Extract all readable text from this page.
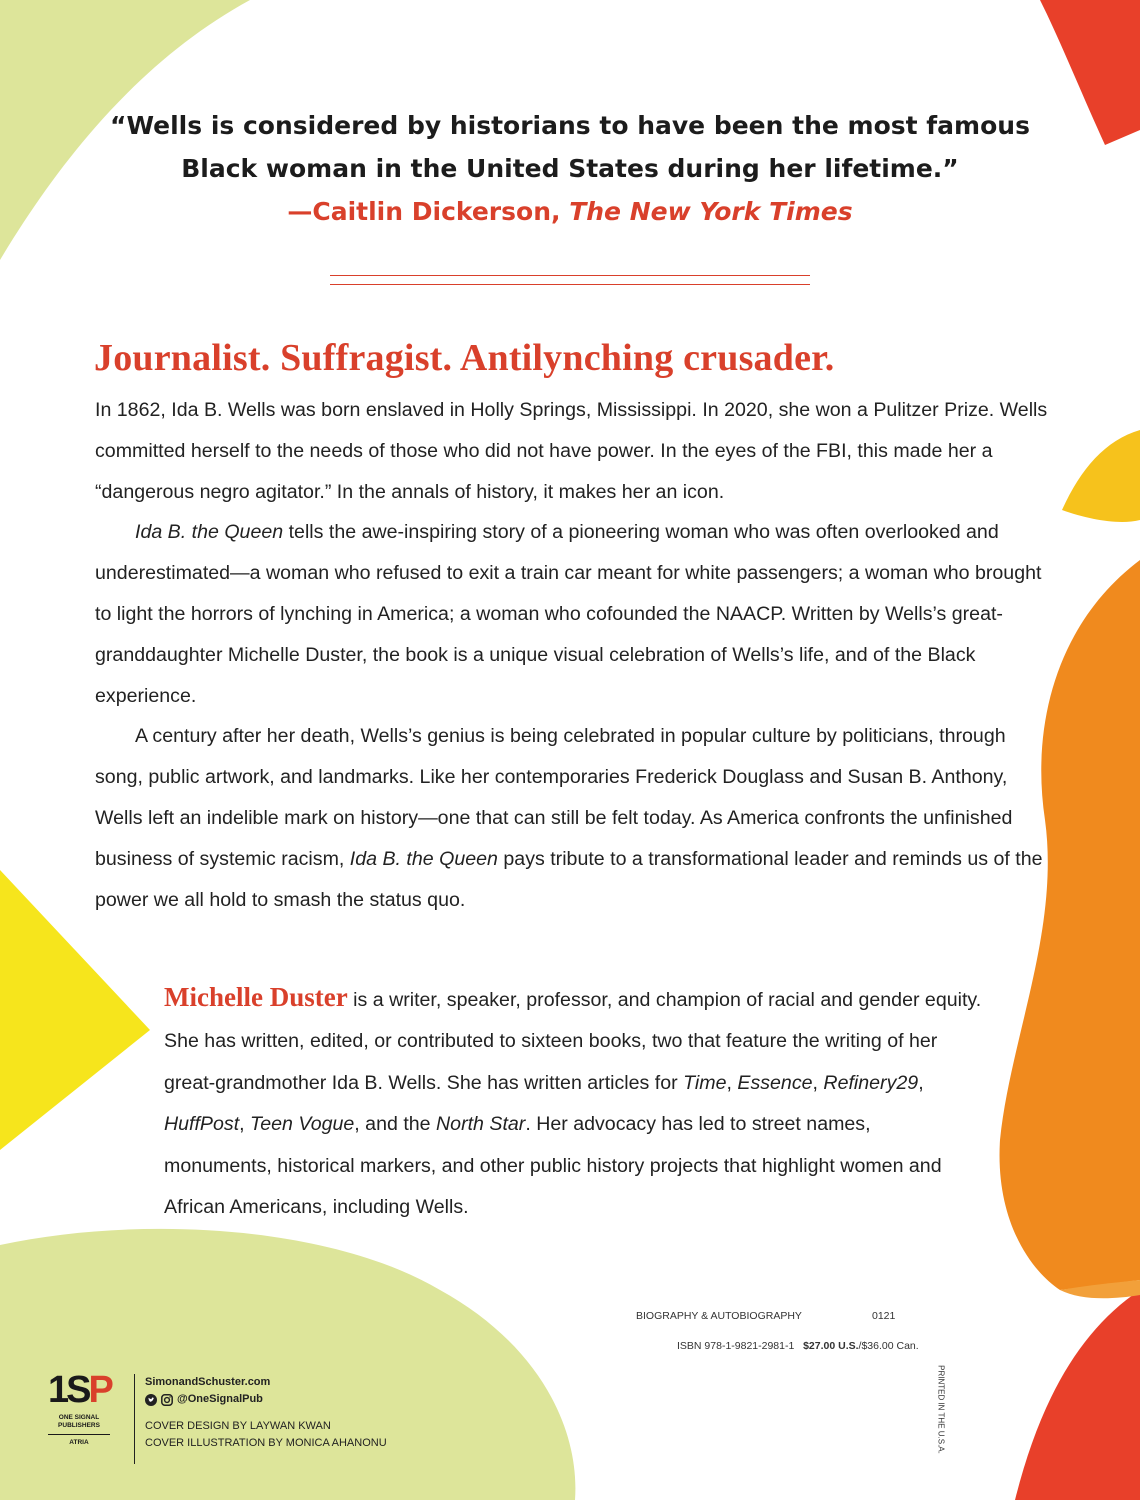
“Wells is considered by historians to have been the most famous
Black woman in the United States during her lifetime.”
—Caitlin Dickerson, The New York Times
Journalist. Suffragist. Antilynching crusader.

In 1862, Ida B. Wells was born enslaved in Holly Springs, Mississippi. In 2020, she won a Pulitzer Prize. Wells committed herself to the needs of those who did not have power. In the eyes of the FBI, this made her a “dangerous negro agitator.” In the annals of history, it makes her an icon.

Ida B. the Queen tells the awe-inspiring story of a pioneering woman who was often overlooked and underestimated—a woman who refused to exit a train car meant for white passengers; a woman who brought to light the horrors of lynching in America; a woman who cofounded the NAACP. Written by Wells’s great-granddaughter Michelle Duster, the book is a unique visual celebration of Wells’s life, and of the Black experience.

A century after her death, Wells’s genius is being celebrated in popular culture by politicians, through song, public artwork, and landmarks. Like her contemporaries Frederick Douglass and Susan B. Anthony, Wells left an indelible mark on history—one that can still be felt today. As America confronts the unfinished business of systemic racism, Ida B. the Queen pays tribute to a transformational leader and reminds us of the power we all hold to smash the status quo.

Michelle Duster is a writer, speaker, professor, and champion of racial and gender equity. She has written, edited, or contributed to sixteen books, two that feature the writing of her great-grandmother Ida B. Wells. She has written articles for Time, Essence, Refinery29, HuffPost, Teen Vogue, and the North Star. Her advocacy has led to street names, monuments, historical markers, and other public history projects that highlight women and African Americans, including Wells.
BIOGRAPHY & AUTOBIOGRAPHY	0121
ISBN 978-1-9821-2981-1 $27.00 U.S./$36.00 Can.
PRINTED IN THE U.S.A.
1SP
ONE SIGNAL PUBLISHERS
ATRIA
SimonandSchuster.com
@OneSignalPub
COVER DESIGN BY LAYWAN KWAN
COVER ILLUSTRATION BY MONICA AHANONU
